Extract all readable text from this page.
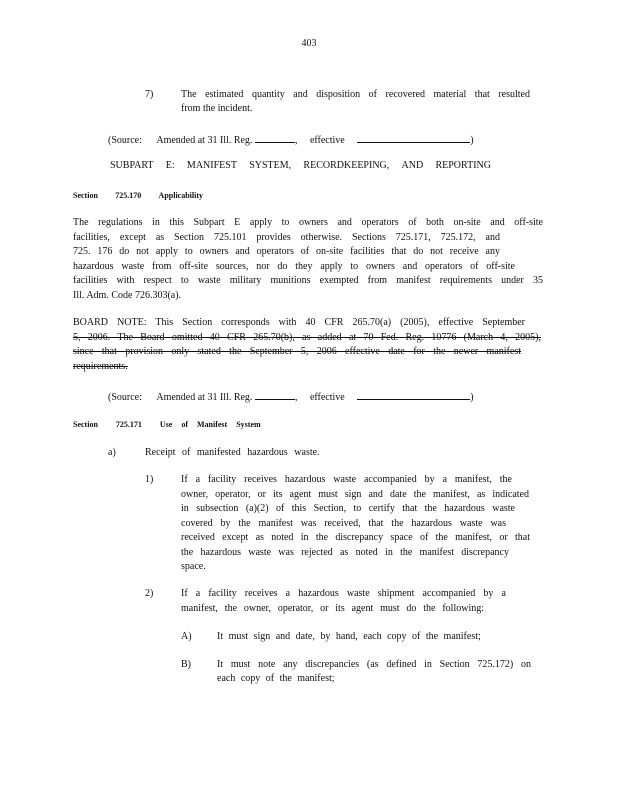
403
7)	The estimated quantity and disposition of recovered material that resulted
from the incident.
(Source: Amended at 31 Ill. Reg.	, effective	)
SUBPART E: MANIFEST SYSTEM, RECORDKEEPING, AND REPORTING
Section 725.170 Applicability
The regulations in this Subpart E apply to owners and operators of both on-site and off-site
facilities, except as Section 725.101 provides otherwise. Sections 725.171, 725.172, and
725. 176 do not apply to owners and operators of on-site facilities that do not receive any
hazardous waste from off-site sources, nor do they apply to owners and operators of off-site
facilities with respect to waste military munitions exempted from manifest requirements under 35
Ill. Adm. Code 726.303(a).
BOARD NOTE: This Section corresponds with 40 CFR 265.70(a) (2005), effective September
5, 2006. The Board omitted 40 CFR 265.70(b), as added at 70 Fed. Reg. 10776 (March 4, 2005),
since that provision only stated the September 5, 2006 effective date for the newer manifest
requirements.
(Source: Amended at 31 Ill. Reg.	, effective	)
Section 725.171 Use of Manifest System
a)	Receipt of manifested hazardous waste.
1)	If a facility receives hazardous waste accompanied by a manifest, the
owner, operator, or its agent must sign and date the manifest, as indicated
in subsection (a)(2) of this Section, to certify that the hazardous waste
covered by the manifest was received, that the hazardous waste was
received except as noted in the discrepancy space of the manifest, or that
the hazardous waste was rejected as noted in the manifest discrepancy
space.
2)	If a facility receives a hazardous waste shipment accompanied by a
manifest, the owner, operator, or its agent must do the following:
A)	It must sign and date, by hand, each copy of the manifest;
B)	It must note any discrepancies (as defined in Section 725.172) on
each copy of the manifest;
